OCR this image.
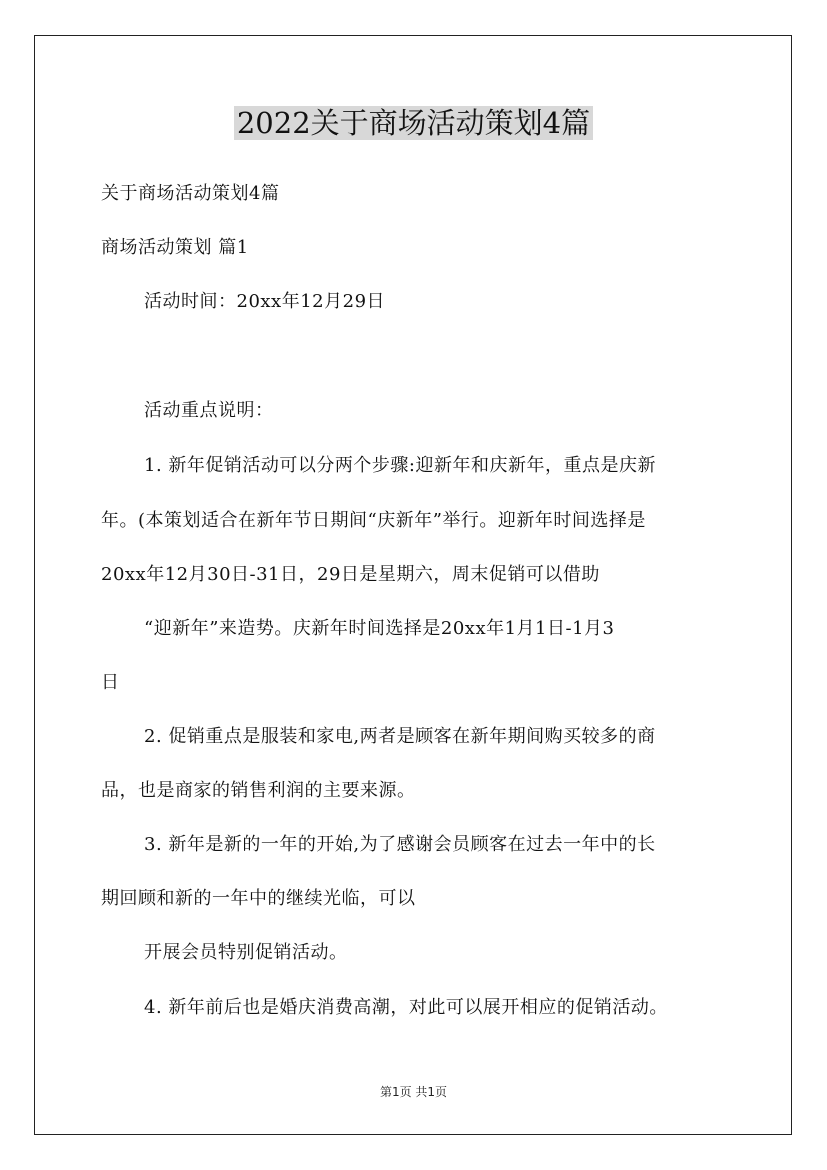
2022关于商场活动策划4篇
关于商场活动策划4篇
商场活动策划 篇1
活动时间：20xx年12月29日
活动重点说明：
1. 新年促销活动可以分两个步骤:迎新年和庆新年，重点是庆新
年。(本策划适合在新年节日期间“庆新年”举行。迎新年时间选择是
20xx年12月30日-31日，29日是星期六，周末促销可以借助
“迎新年”来造势。庆新年时间选择是20xx年1月1日-1月3
日
2. 促销重点是服装和家电,两者是顾客在新年期间购买较多的商
品，也是商家的销售利润的主要来源。
3. 新年是新的一年的开始,为了感谢会员顾客在过去一年中的长
期回顾和新的一年中的继续光临，可以
开展会员特别促销活动。
4. 新年前后也是婚庆消费高潮，对此可以展开相应的促销活动。
第1页 共1页
